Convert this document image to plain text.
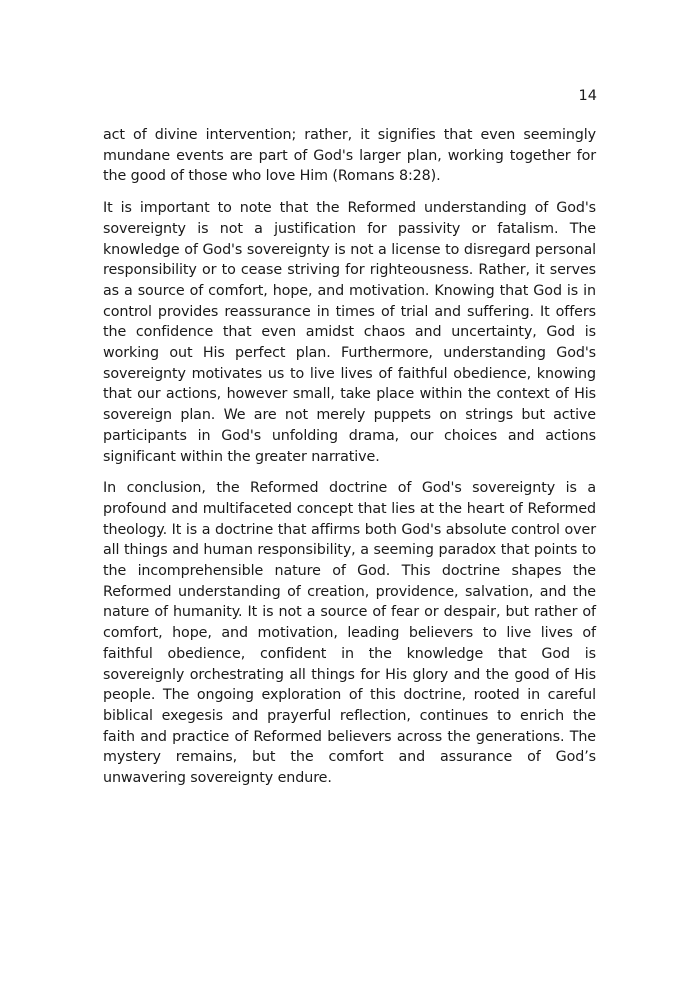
14

act of divine intervention; rather, it signifies that even seemingly mundane events are part of God's larger plan, working together for the good of those who love Him (Romans 8:28).

It is important to note that the Reformed understanding of God's sovereignty is not a justification for passivity or fatalism. The knowledge of God's sovereignty is not a license to disregard personal responsibility or to cease striving for righteousness. Rather, it serves as a source of comfort, hope, and motivation. Knowing that God is in control provides reassurance in times of trial and suffering. It offers the confidence that even amidst chaos and uncertainty, God is working out His perfect plan. Furthermore, understanding God's sovereignty motivates us to live lives of faithful obedience, knowing that our actions, however small, take place within the context of His sovereign plan. We are not merely puppets on strings but active participants in God's unfolding drama, our choices and actions significant within the greater narrative.

In conclusion, the Reformed doctrine of God's sovereignty is a profound and multifaceted concept that lies at the heart of Reformed theology. It is a doctrine that affirms both God's absolute control over all things and human responsibility, a seeming paradox that points to the incomprehensible nature of God. This doctrine shapes the Reformed understanding of creation, providence, salvation, and the nature of humanity. It is not a source of fear or despair, but rather of comfort, hope, and motivation, leading believers to live lives of faithful obedience, confident in the knowledge that God is sovereignly orchestrating all things for His glory and the good of His people. The ongoing exploration of this doctrine, rooted in careful biblical exegesis and prayerful reflection, continues to enrich the faith and practice of Reformed believers across the generations. The mystery remains, but the comfort and assurance of God’s unwavering sovereignty endure.
